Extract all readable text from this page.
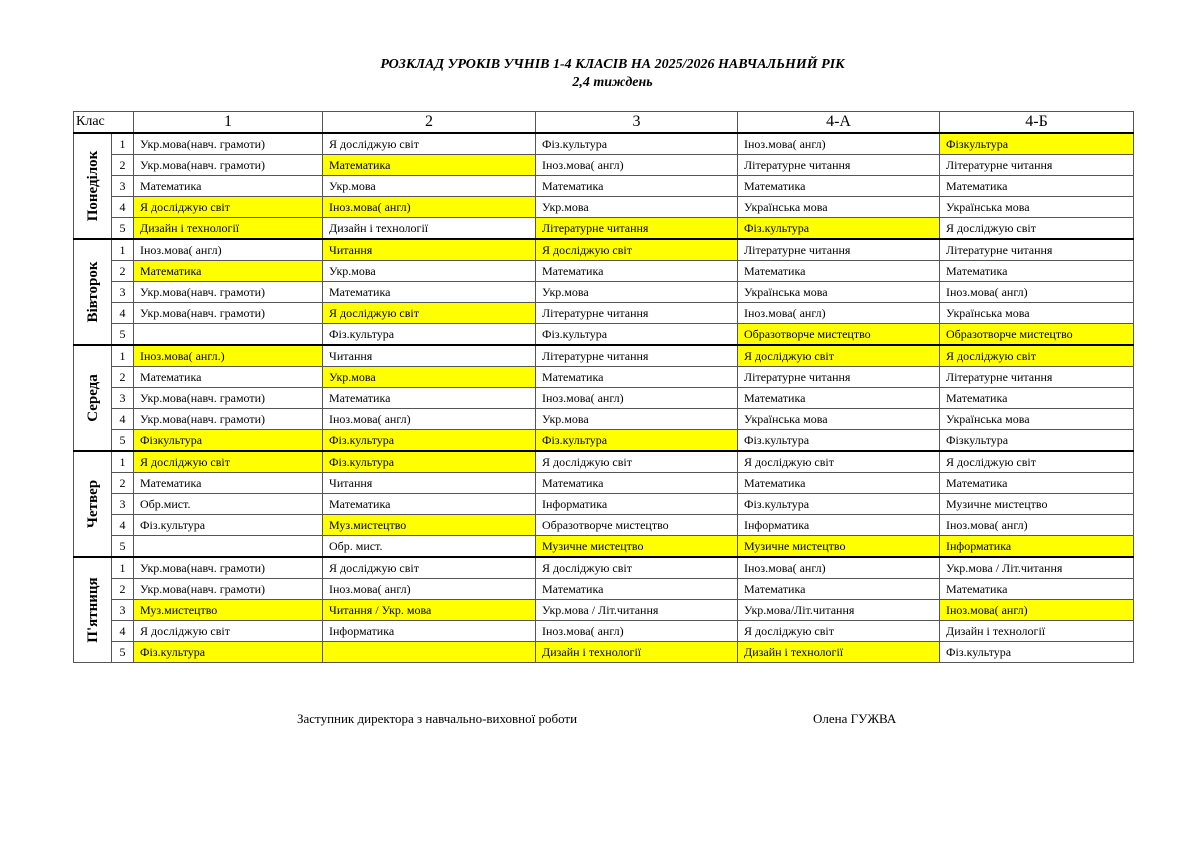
РОЗКЛАД УРОКІВ УЧНІВ 1-4 КЛАСІВ НА 2025/2026 НАВЧАЛЬНИЙ РІК
2,4 тиждень
Клас		1	2	3	4-А	4-Б

Понеділок	1	Укр.мова(навч. грамоти)	Я досліджую світ	Фіз.культура	Іноз.мова( англ)	Фізкультура
	2	Укр.мова(навч. грамоти)	Математика	Іноз.мова( англ)	Літературне читання	Літературне читання
	3	Математика	Укр.мова	Математика	Математика	Математика
	4	Я досліджую світ	Іноз.мова( англ)	Укр.мова	Українська мова	Українська мова
	5	Дизайн і технології	Дизайн і технології	Літературне читання	Фіз.культура	Я досліджую світ

Вівторок	1	Іноз.мова( англ)	Читання	Я досліджую світ	Літературне читання	Літературне читання
	2	Математика	Укр.мова	Математика	Математика	Математика
	3	Укр.мова(навч. грамоти)	Математика	Укр.мова	Українська мова	Іноз.мова( англ)
	4	Укр.мова(навч. грамоти)	Я досліджую світ	Літературне читання	Іноз.мова( англ)	Українська мова
	5		Фіз.культура	Фіз.культура	Образотворче мистецтво	Образотворче мистецтво

Середа	1	Іноз.мова( англ.)	Читання	Літературне читання	Я досліджую світ	Я досліджую світ
	2	Математика	Укр.мова	Математика	Літературне читання	Літературне читання
	3	Укр.мова(навч. грамоти)	Математика	Іноз.мова( англ)	Математика	Математика
	4	Укр.мова(навч. грамоти)	Іноз.мова( англ)	Укр.мова	Українська мова	Українська мова
	5	Фізкультура	Фіз.культура	Фіз.культура	Фіз.культура	Фізкультура

Четвер	1	Я досліджую світ	Фіз.культура	Я досліджую світ	Я досліджую світ	Я досліджую світ
	2	Математика	Читання	Математика	Математика	Математика
	3	Обр.мист.	Математика	Інформатика	Фіз.культура	Музичне мистецтво
	4	Фіз.культура	Муз.мистецтво	Образотворче мистецтво	Інформатика	Іноз.мова( англ)
	5		Обр. мист.	Музичне мистецтво	Музичне мистецтво	Інформатика

П'ятниця	1	Укр.мова(навч. грамоти)	Я досліджую світ	Я досліджую світ	Іноз.мова( англ)	Укр.мова / Літ.читання
	2	Укр.мова(навч. грамоти)	Іноз.мова( англ)	Математика	Математика	Математика
	3	Муз.мистецтво	Читання / Укр. мова	Укр.мова / Літ.читання	Укр.мова/Літ.читання	Іноз.мова( англ)
	4	Я досліджую світ	Інформатика	Іноз.мова( англ)	Я досліджую світ	Дизайн і технології
	5	Фіз.культура		Дизайн і технології	Дизайн і технології	Фіз.культура
Заступник директора з навчально-виховної роботи	Олена ГУЖВА
